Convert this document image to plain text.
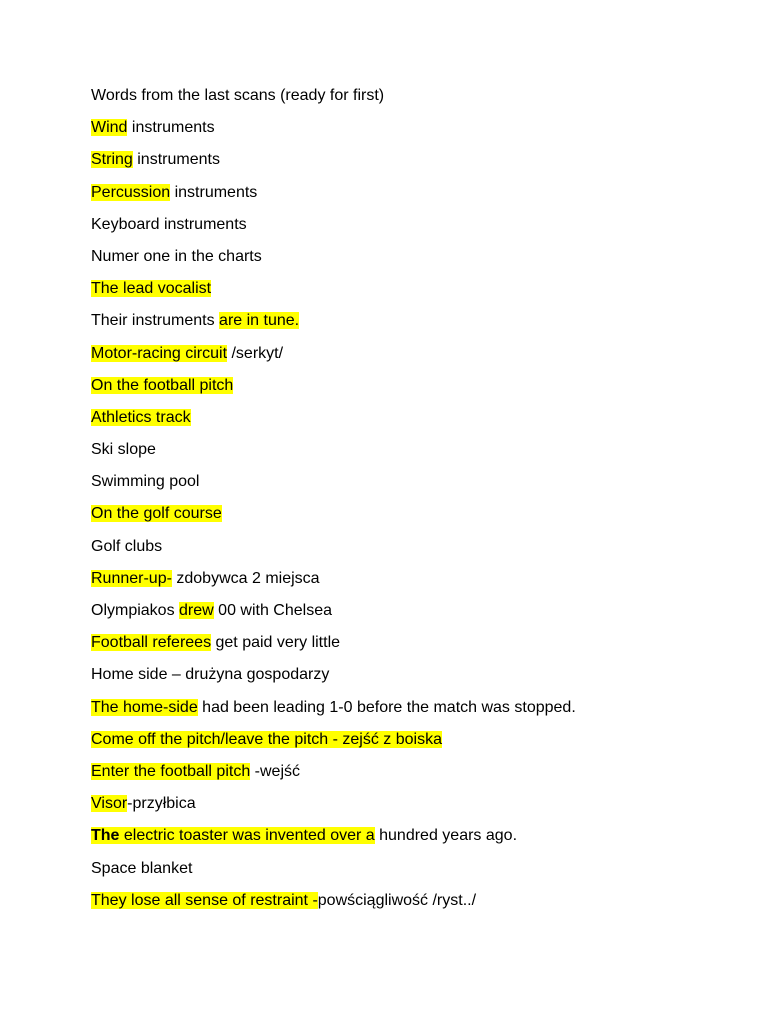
Words from the last scans (ready for first)
Wind instruments
String instruments
Percussion instruments
Keyboard instruments
Numer one in the charts
The lead vocalist
Their instruments are in tune.
Motor-racing circuit /serkyt/
On the football pitch
Athletics track
Ski slope
Swimming pool
On the golf course
Golf clubs
Runner-up- zdobywca 2 miejsca
Olympiakos drew 00 with Chelsea
Football referees get paid very little
Home side – drużyna gospodarzy
The home-side had been leading 1-0 before the match was stopped.
Come off the pitch/leave the pitch - zejść z boiska
Enter the football pitch -wejść
Visor-przyłbica
The electric toaster was invented over a hundred years ago.
Space blanket
They lose all sense of restraint -powściągliwość /ryst../
